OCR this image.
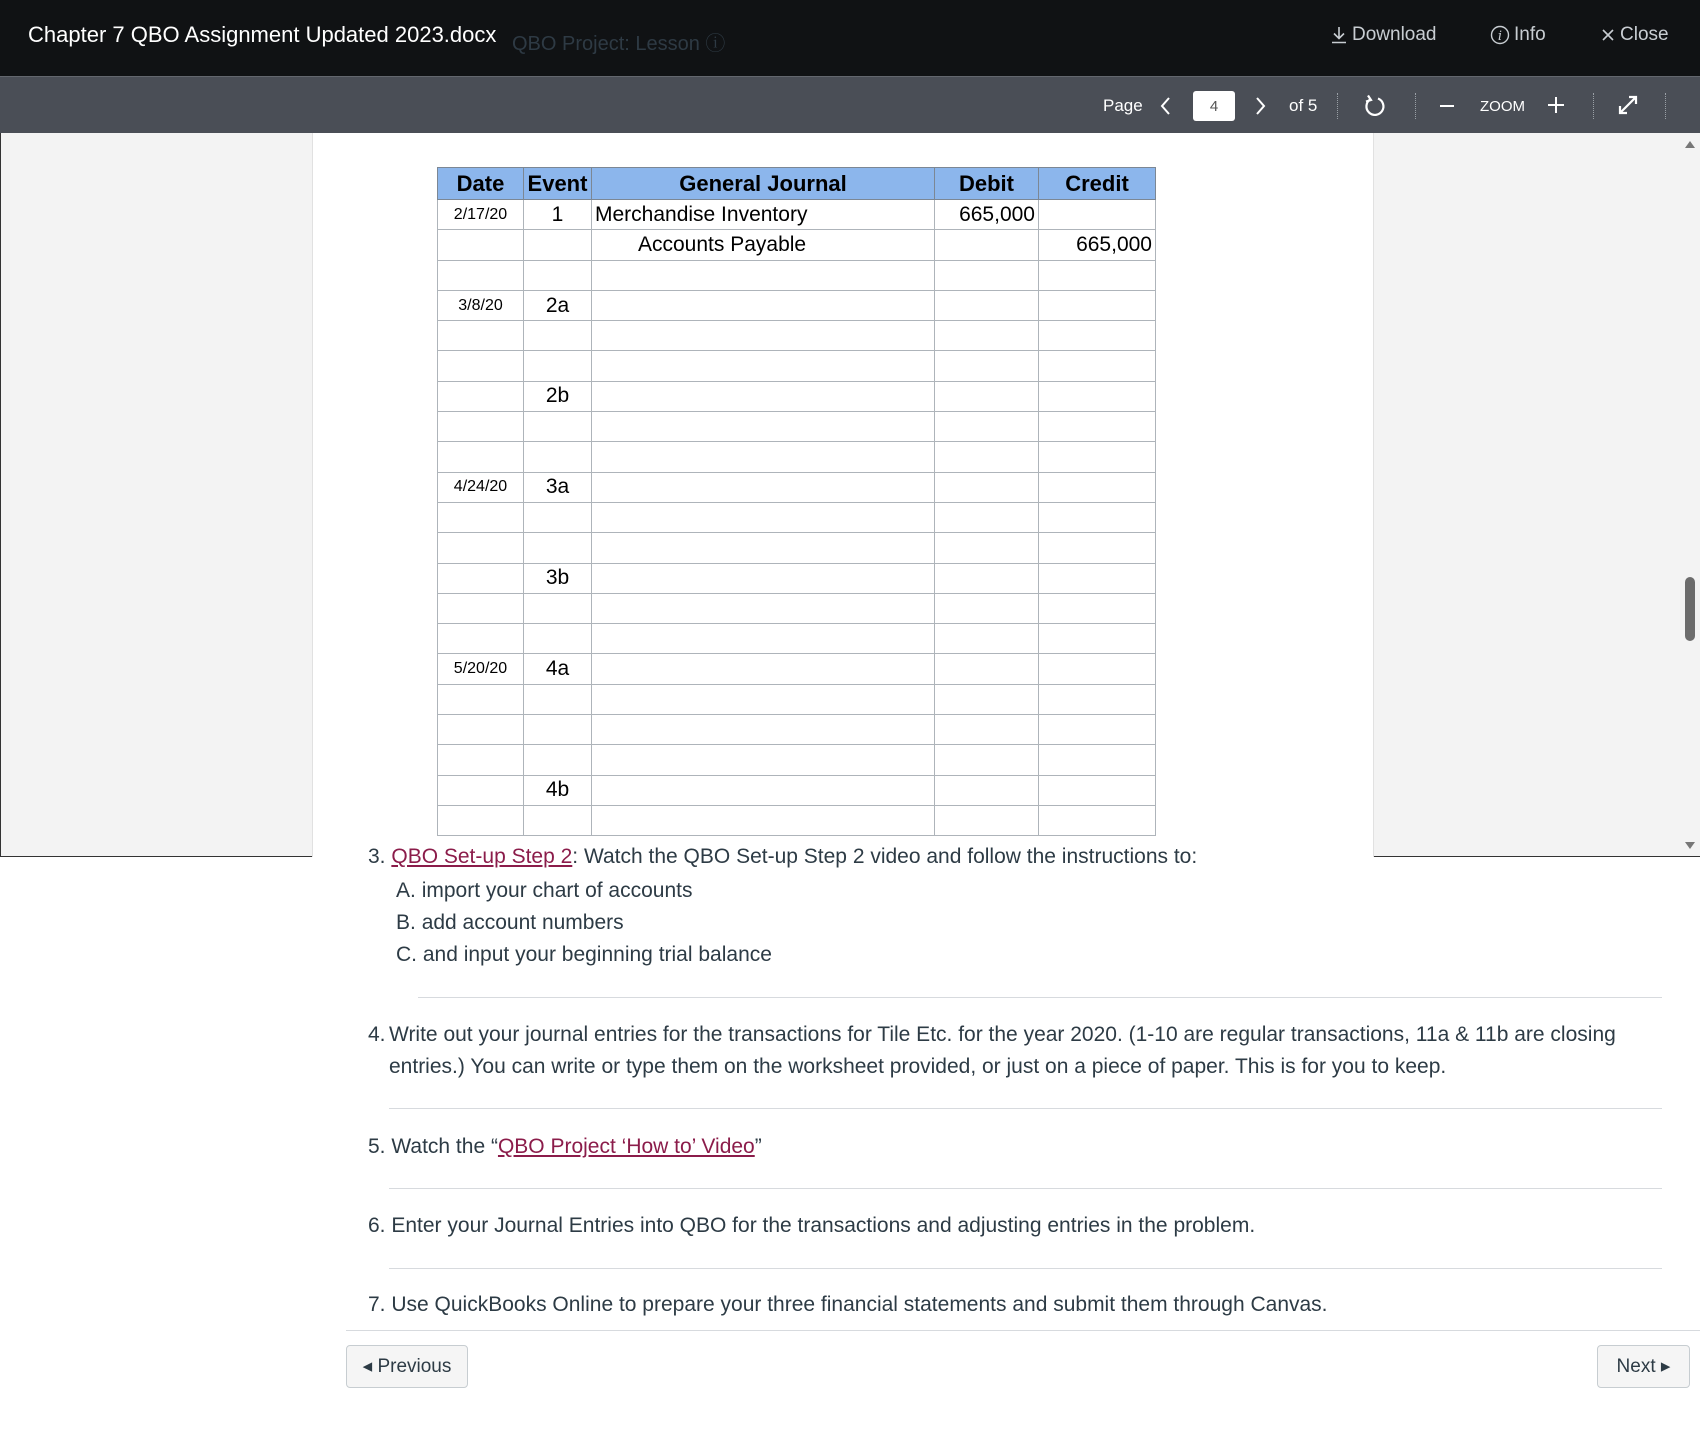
Chapter 7 QBO Assignment Updated 2023.docx QBO Project: Lesson ⓘ	Download	i Info	Close
Page
4	of 5	ZOOM
Date	Event	General Journal	Debit	Credit
2/17/20	1	Merchandise Inventory	665,000	
		Accounts Payable		665,000

3/8/20	2a			

	2b			

4/24/20	3a			

	3b			

5/20/20	4a			

	4b			

3. QBO Set-up Step 2: Watch the QBO Set-up Step 2 video and follow the instructions to:
A. import your chart of accounts
B. add account numbers
C. and input your beginning trial balance
4. Write out your journal entries for the transactions for Tile Etc. for the year 2020. (1-10 are regular transactions, 11a & 11b are closing
entries.) You can write or type them on the worksheet provided, or just on a piece of paper. This is for you to keep.
5. Watch the “QBO Project ‘How to’ Video”
6. Enter your Journal Entries into QBO for the transactions and adjusting entries in the problem.
7. Use QuickBooks Online to prepare your three financial statements and submit them through Canvas.
◂ Previous	Next ▸
